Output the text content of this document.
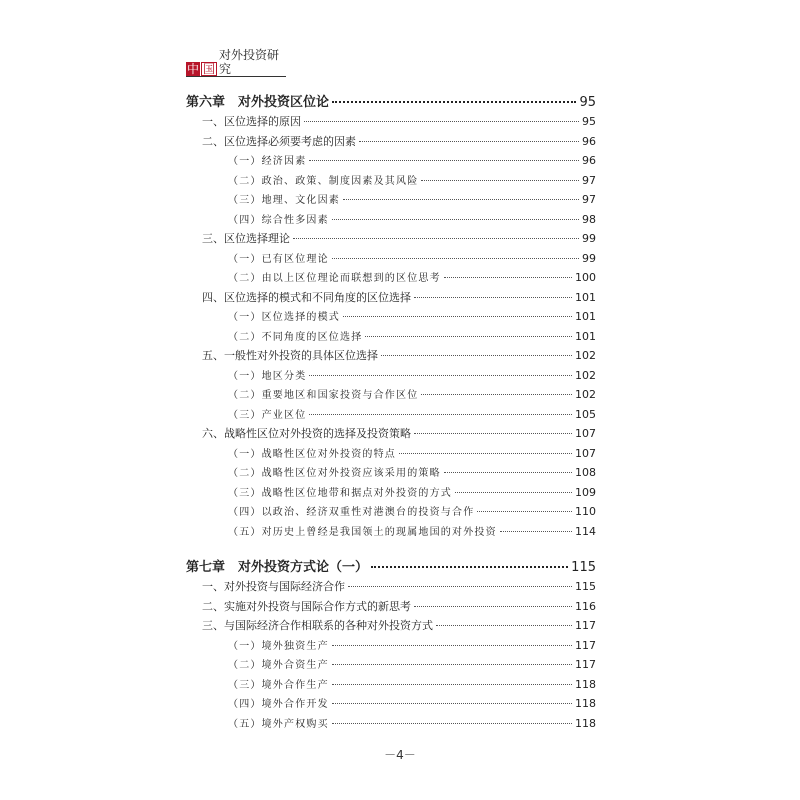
中 国
对外投资研究
第六章　对外投资区位论	95
一、区位选择的原因	95
二、区位选择必须要考虑的因素	96
（一）经济因素	96
（二）政治、政策、制度因素及其风险	97
（三）地理、文化因素	97
（四）综合性多因素	98
三、区位选择理论	99
（一）已有区位理论	99
（二）由以上区位理论而联想到的区位思考	100
四、区位选择的模式和不同角度的区位选择	101
（一）区位选择的模式	101
（二）不同角度的区位选择	101
五、一般性对外投资的具体区位选择	102
（一）地区分类	102
（二）重要地区和国家投资与合作区位	102
（三）产业区位	105
六、战略性区位对外投资的选择及投资策略	107
（一）战略性区位对外投资的特点	107
（二）战略性区位对外投资应该采用的策略	108
（三）战略性区位地带和据点对外投资的方式	109
（四）以政治、经济双重性对港澳台的投资与合作	110
（五）对历史上曾经是我国领土的现属地国的对外投资	114
第七章　对外投资方式论（一）	115
一、对外投资与国际经济合作	115
二、实施对外投资与国际合作方式的新思考	116
三、与国际经济合作相联系的各种对外投资方式	117
（一）境外独资生产	117
（二）境外合资生产	117
（三）境外合作生产	118
（四）境外合作开发	118
（五）境外产权购买	118
－4－
